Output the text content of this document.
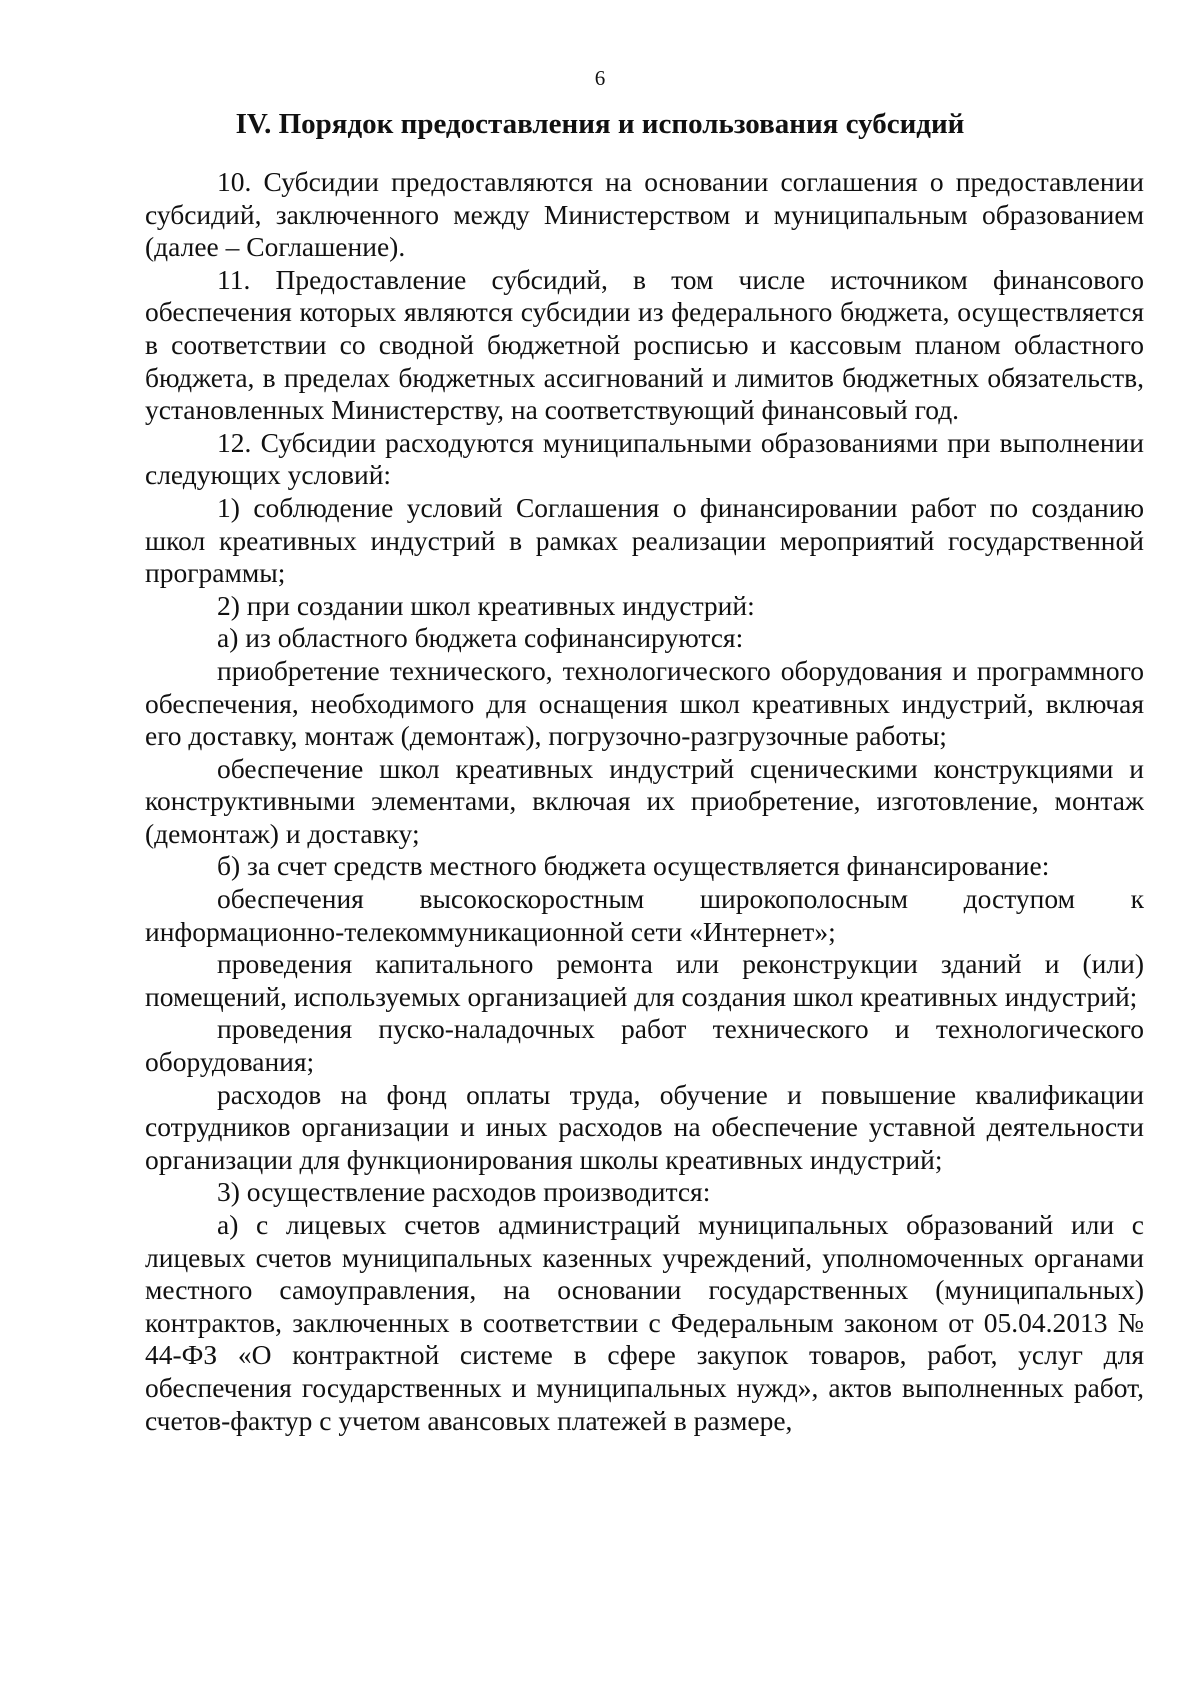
6
IV. Порядок предоставления и использования субсидий

10. Субсидии предоставляются на основании соглашения о предоставлении субсидий, заключенного между Министерством и муниципальным образованием (далее – Соглашение).

11. Предоставление субсидий, в том числе источником финансового обеспечения которых являются субсидии из федерального бюджета, осуществляется в соответствии со сводной бюджетной росписью и кассовым планом областного бюджета, в пределах бюджетных ассигнований и лимитов бюджетных обязательств, установленных Министерству, на соответствующий финансовый год.

12. Субсидии расходуются муниципальными образованиями при выполнении следующих условий:

1) соблюдение условий Соглашения о финансировании работ по созданию школ креативных индустрий в рамках реализации мероприятий государственной программы;

2) при создании школ креативных индустрий:

а) из областного бюджета софинансируются:

приобретение технического, технологического оборудования и программного обеспечения, необходимого для оснащения школ креативных индустрий, включая его доставку, монтаж (демонтаж), погрузочно-разгрузочные работы;

обеспечение школ креативных индустрий сценическими конструкциями и конструктивными элементами, включая их приобретение, изготовление, монтаж (демонтаж) и доставку;

б) за счет средств местного бюджета осуществляется финансирование:

обеспечения высокоскоростным широкополосным доступом к информационно-телекоммуникационной сети «Интернет»;

проведения капитального ремонта или реконструкции зданий и (или) помещений, используемых организацией для создания школ креативных индустрий;

проведения пуско-наладочных работ технического и технологического оборудования;

расходов на фонд оплаты труда, обучение и повышение квалификации сотрудников организации и иных расходов на обеспечение уставной деятельности организации для функционирования школы креативных индустрий;

3) осуществление расходов производится:

а) с лицевых счетов администраций муниципальных образований или с лицевых счетов муниципальных казенных учреждений, уполномоченных органами местного самоуправления, на основании государственных (муниципальных) контрактов, заключенных в соответствии с Федеральным законом от 05.04.2013 № 44-ФЗ «О контрактной системе в сфере закупок товаров, работ, услуг для обеспечения государственных и муниципальных нужд», актов выполненных работ, счетов-фактур с учетом авансовых платежей в размере,
